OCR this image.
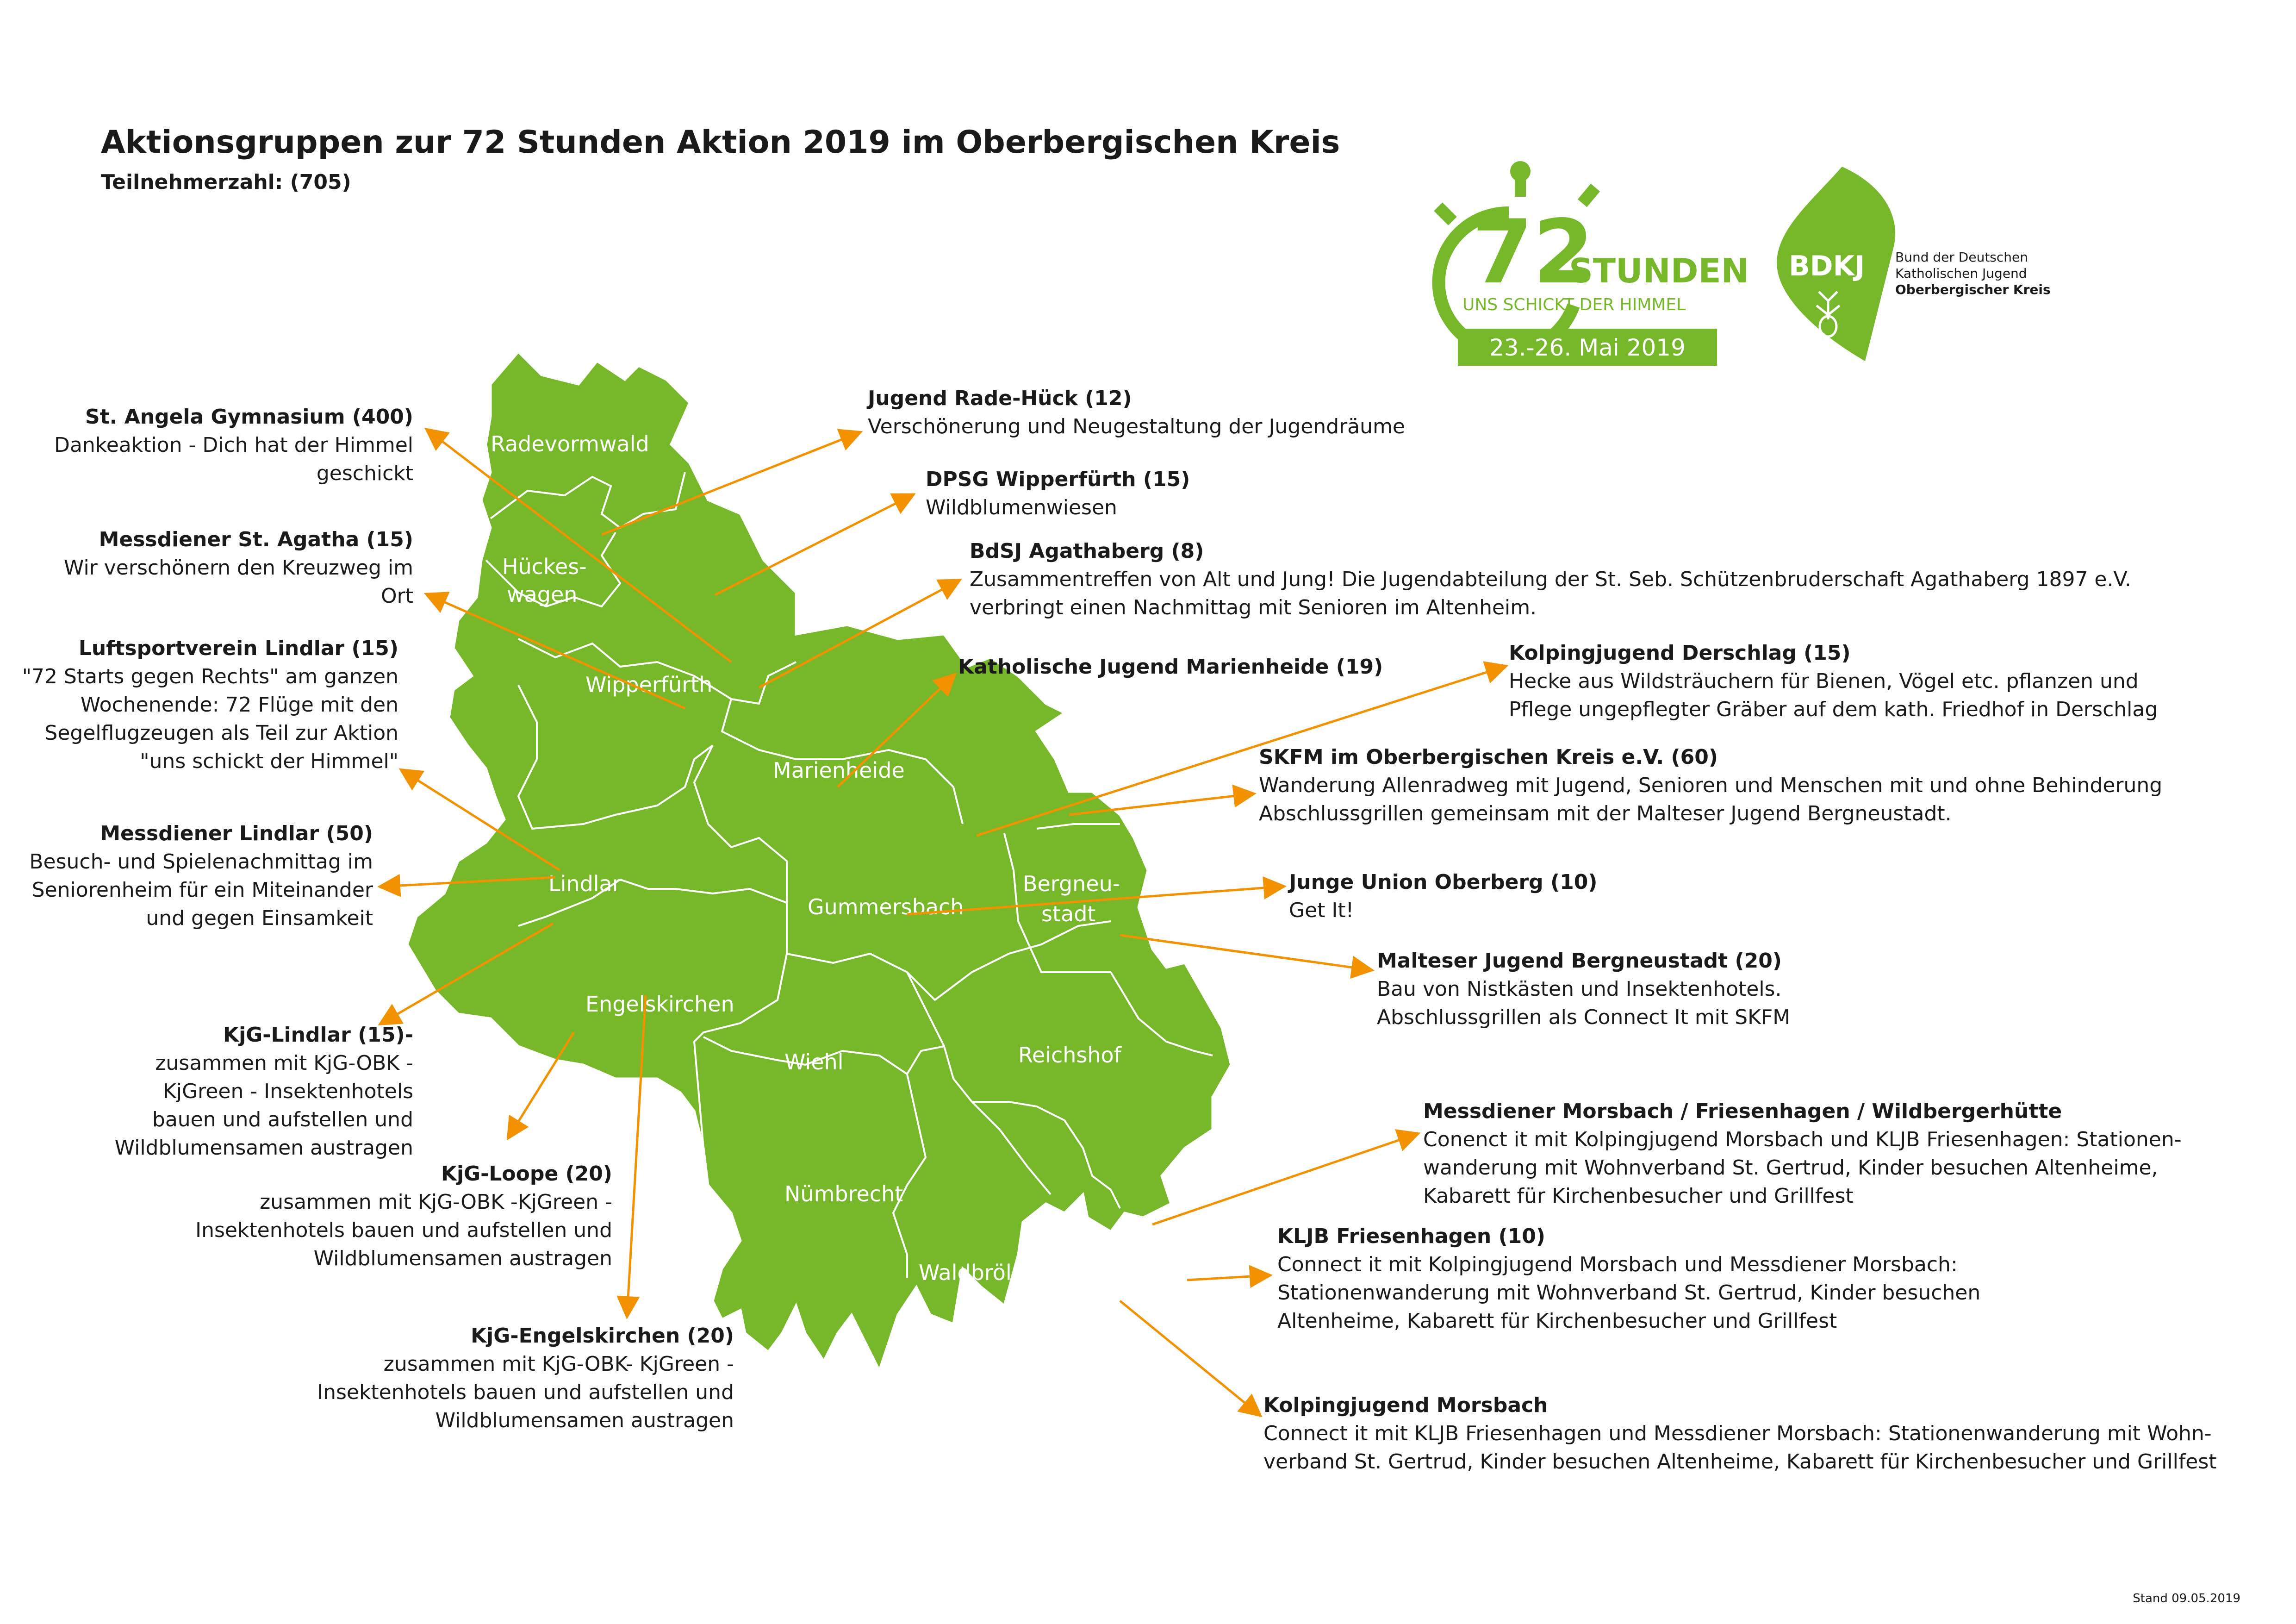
Aktionsgruppen zur 72 Stunden Aktion 2019 im Oberbergischen Kreis
Teilnehmerzahl: (705)
Radevormwald
Hückes-
wagen
Wipperfürth
Marienheide
Lindlar
Gummersbach
Bergneu-
stadt
Engelskirchen
Wiehl	Reichshof
Nümbrecht
Waldbröl
Morsbach
72
STUNDEN
UNS SCHICKT DER HIMMEL
23.-26. Mai 2019
BDKJ Bund der Deutschen
Katholischen Jugend
Oberbergischer Kreis
St. Angela Gymnasium (400)
Dankeaktion - Dich hat der Himmel
geschickt
Messdiener St. Agatha (15)
Wir verschönern den Kreuzweg im
Ort
Luftsportverein Lindlar (15)
"72 Starts gegen Rechts" am ganzen
Wochenende: 72 Flüge mit den
Segelflugzeugen als Teil zur Aktion
"uns schickt der Himmel"
Messdiener Lindlar (50)
Besuch- und Spielenachmittag im
Seniorenheim für ein Miteinander
und gegen Einsamkeit
KjG-Lindlar (15)-
zusammen mit KjG-OBK -
KjGreen - Insektenhotels
bauen und aufstellen und
Wildblumensamen austragen
KjG-Loope (20)
zusammen mit KjG-OBK -KjGreen -
Insektenhotels bauen und aufstellen und
Wildblumensamen austragen
KjG-Engelskirchen (20)
zusammen mit KjG-OBK- KjGreen -
Insektenhotels bauen und aufstellen und
Wildblumensamen austragen
Jugend Rade-Hück (12)
Verschönerung und Neugestaltung der Jugendräume
DPSG Wipperfürth (15)
Wildblumenwiesen
BdSJ Agathaberg (8)
Zusammentreffen von Alt und Jung! Die Jugendabteilung der St. Seb. Schützenbruderschaft Agathaberg 1897 e.V.
verbringt einen Nachmittag mit Senioren im Altenheim.
Katholische Jugend Marienheide (19)
Kolpingjugend Derschlag (15)
Hecke aus Wildsträuchern für Bienen, Vögel etc. pflanzen und
Pflege ungepflegter Gräber auf dem kath. Friedhof in Derschlag
SKFM im Oberbergischen Kreis e.V. (60)
Wanderung Allenradweg mit Jugend, Senioren und Menschen mit und ohne Behinderung
Abschlussgrillen gemeinsam mit der Malteser Jugend Bergneustadt.
Junge Union Oberberg (10)
Get It!
Malteser Jugend Bergneustadt (20)
Bau von Nistkästen und Insektenhotels.
Abschlussgrillen als Connect It mit SKFM
Messdiener Morsbach / Friesenhagen / Wildbergerhütte
Conenct it mit Kolpingjugend Morsbach und KLJB Friesenhagen: Stationen-
wanderung mit Wohnverband St. Gertrud, Kinder besuchen Altenheime,
Kabarett für Kirchenbesucher und Grillfest
KLJB Friesenhagen (10)
Connect it mit Kolpingjugend Morsbach und Messdiener Morsbach:
Stationenwanderung mit Wohnverband St. Gertrud, Kinder besuchen
Altenheime, Kabarett für Kirchenbesucher und Grillfest
Kolpingjugend Morsbach
Connect it mit KLJB Friesenhagen und Messdiener Morsbach: Stationenwanderung mit Wohn-
verband St. Gertrud, Kinder besuchen Altenheime, Kabarett für Kirchenbesucher und Grillfest
Stand 09.05.2019
